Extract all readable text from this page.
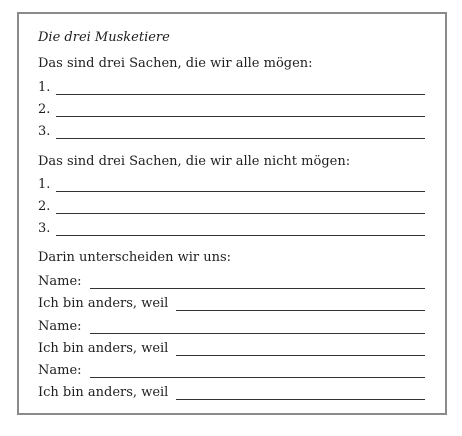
Die drei Musketiere
Das sind drei Sachen, die wir alle mögen:
1.
2.
3.
Das sind drei Sachen, die wir alle nicht mögen:
1.
2.
3.
Darin unterscheiden wir uns:
Name:
Ich bin anders, weil
Name:
Ich bin anders, weil
Name:
Ich bin anders, weil
